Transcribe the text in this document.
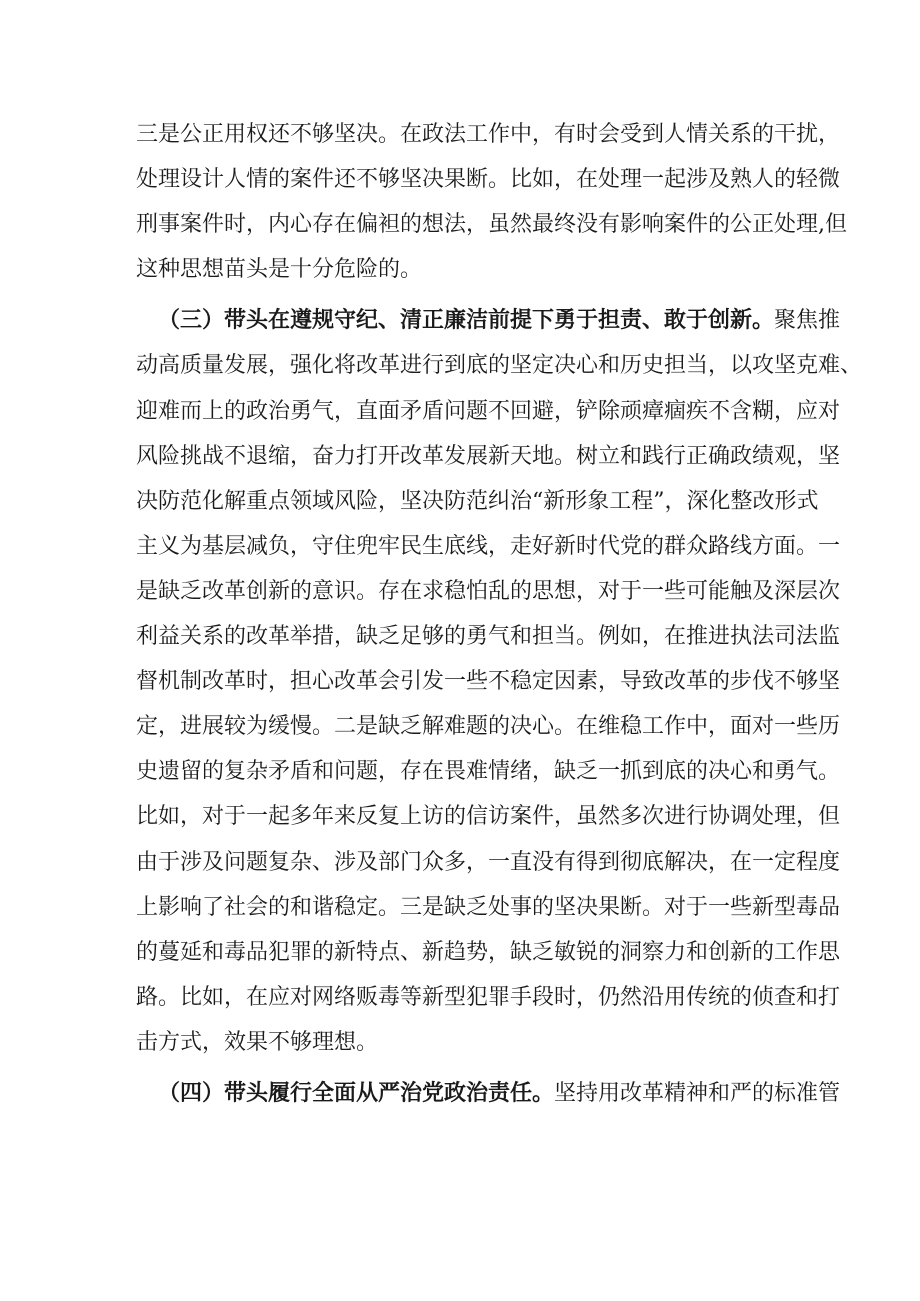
三是公正用权还不够坚决。在政法工作中，有时会受到人情关系的干扰，
处理设计人情的案件还不够坚决果断。比如，在处理一起涉及熟人的轻微
刑事案件时，内心存在偏袒的想法，虽然最终没有影响案件的公正处理,但
这种思想苗头是十分危险的。
（三）带头在遵规守纪、清正廉洁前提下勇于担责、敢于创新。聚焦推
动高质量发展，强化将改革进行到底的坚定决心和历史担当，以攻坚克难、
迎难而上的政治勇气，直面矛盾问题不回避，铲除顽瘴痼疾不含糊，应对
风险挑战不退缩，奋力打开改革发展新天地。树立和践行正确政绩观，坚
决防范化解重点领域风险，坚决防范纠治“新形象工程”，深化整改形式
主义为基层减负，守住兜牢民生底线，走好新时代党的群众路线方面。一
是缺乏改革创新的意识。存在求稳怕乱的思想，对于一些可能触及深层次
利益关系的改革举措，缺乏足够的勇气和担当。例如，在推进执法司法监
督机制改革时，担心改革会引发一些不稳定因素，导致改革的步伐不够坚
定，进展较为缓慢。二是缺乏解难题的决心。在维稳工作中，面对一些历
史遗留的复杂矛盾和问题，存在畏难情绪，缺乏一抓到底的决心和勇气。
比如，对于一起多年来反复上访的信访案件，虽然多次进行协调处理，但
由于涉及问题复杂、涉及部门众多，一直没有得到彻底解决，在一定程度
上影响了社会的和谐稳定。三是缺乏处事的坚决果断。对于一些新型毒品
的蔓延和毒品犯罪的新特点、新趋势，缺乏敏锐的洞察力和创新的工作思
路。比如，在应对网络贩毒等新型犯罪手段时，仍然沿用传统的侦查和打
击方式，效果不够理想。
（四）带头履行全面从严治党政治责任。坚持用改革精神和严的标准管
